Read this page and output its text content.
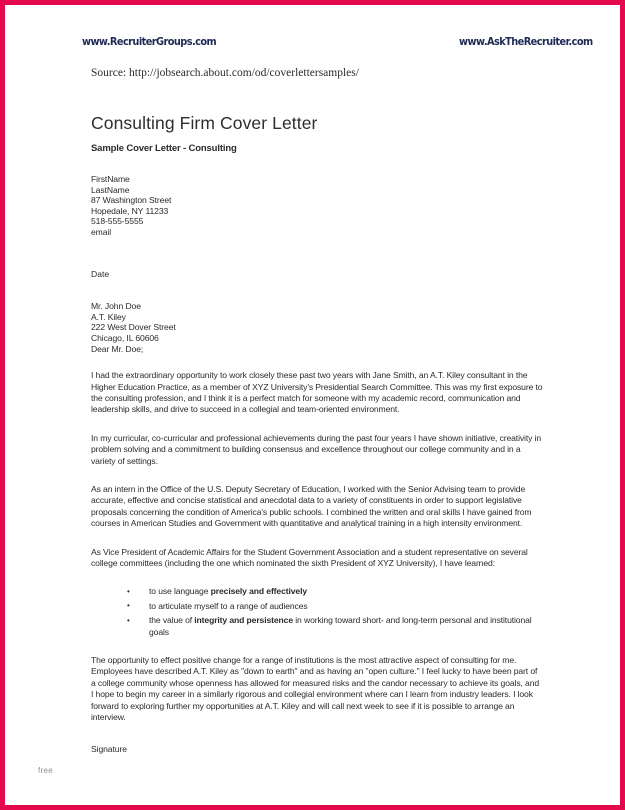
www.RecruiterGroups.com	www.AskTheRecruiter.com
Source: http://jobsearch.about.com/od/coverlettersamples/
Consulting Firm Cover Letter
Sample Cover Letter - Consulting
FirstName
LastName
87 Washington Street
Hopedale, NY 11233
518-555-5555
email
Date
Mr. John Doe
A.T. Kiley
222 West Dover Street
Chicago, IL 60606
Dear Mr. Doe;

I had the extraordinary opportunity to work closely these past two years with Jane Smith, an A.T. Kiley consultant in the Higher Education Practice, as a member of XYZ University's Presidential Search Committee. This was my first exposure to the consulting profession, and I think it is a perfect match for someone with my academic record, communication and leadership skills, and drive to succeed in a collegial and team-oriented environment.

In my curricular, co-curricular and professional achievements during the past four years I have shown initiative, creativity in problem solving and a commitment to building consensus and excellence throughout our college community and in a variety of settings.

As an intern in the Office of the U.S. Deputy Secretary of Education, I worked with the Senior Advising team to provide accurate, effective and concise statistical and anecdotal data to a variety of constituents in order to support legislative proposals concerning the condition of America's public schools. I combined the written and oral skills I have gained from courses in American Studies and Government with quantitative and analytical training in a high intensity environment.

As Vice President of Academic Affairs for the Student Government Association and a student representative on several college committees (including the one which nominated the sixth President of XYZ University), I have learned:

• to use language precisely and effectively
• to articulate myself to a range of audiences
• the value of integrity and persistence in working toward short- and long-term personal and institutional goals

The opportunity to effect positive change for a range of institutions is the most attractive aspect of consulting for me. Employees have described A.T. Kiley as "down to earth" and as having an "open culture." I feel lucky to have been part of a college community whose openness has allowed for measured risks and the candor necessary to achieve its goals, and I hope to begin my career in a similarly rigorous and collegial environment where can I learn from industry leaders. I look forward to exploring further my opportunities at A.T. Kiley and will call next week to see if it is possible to arrange an interview.

Signature
free
